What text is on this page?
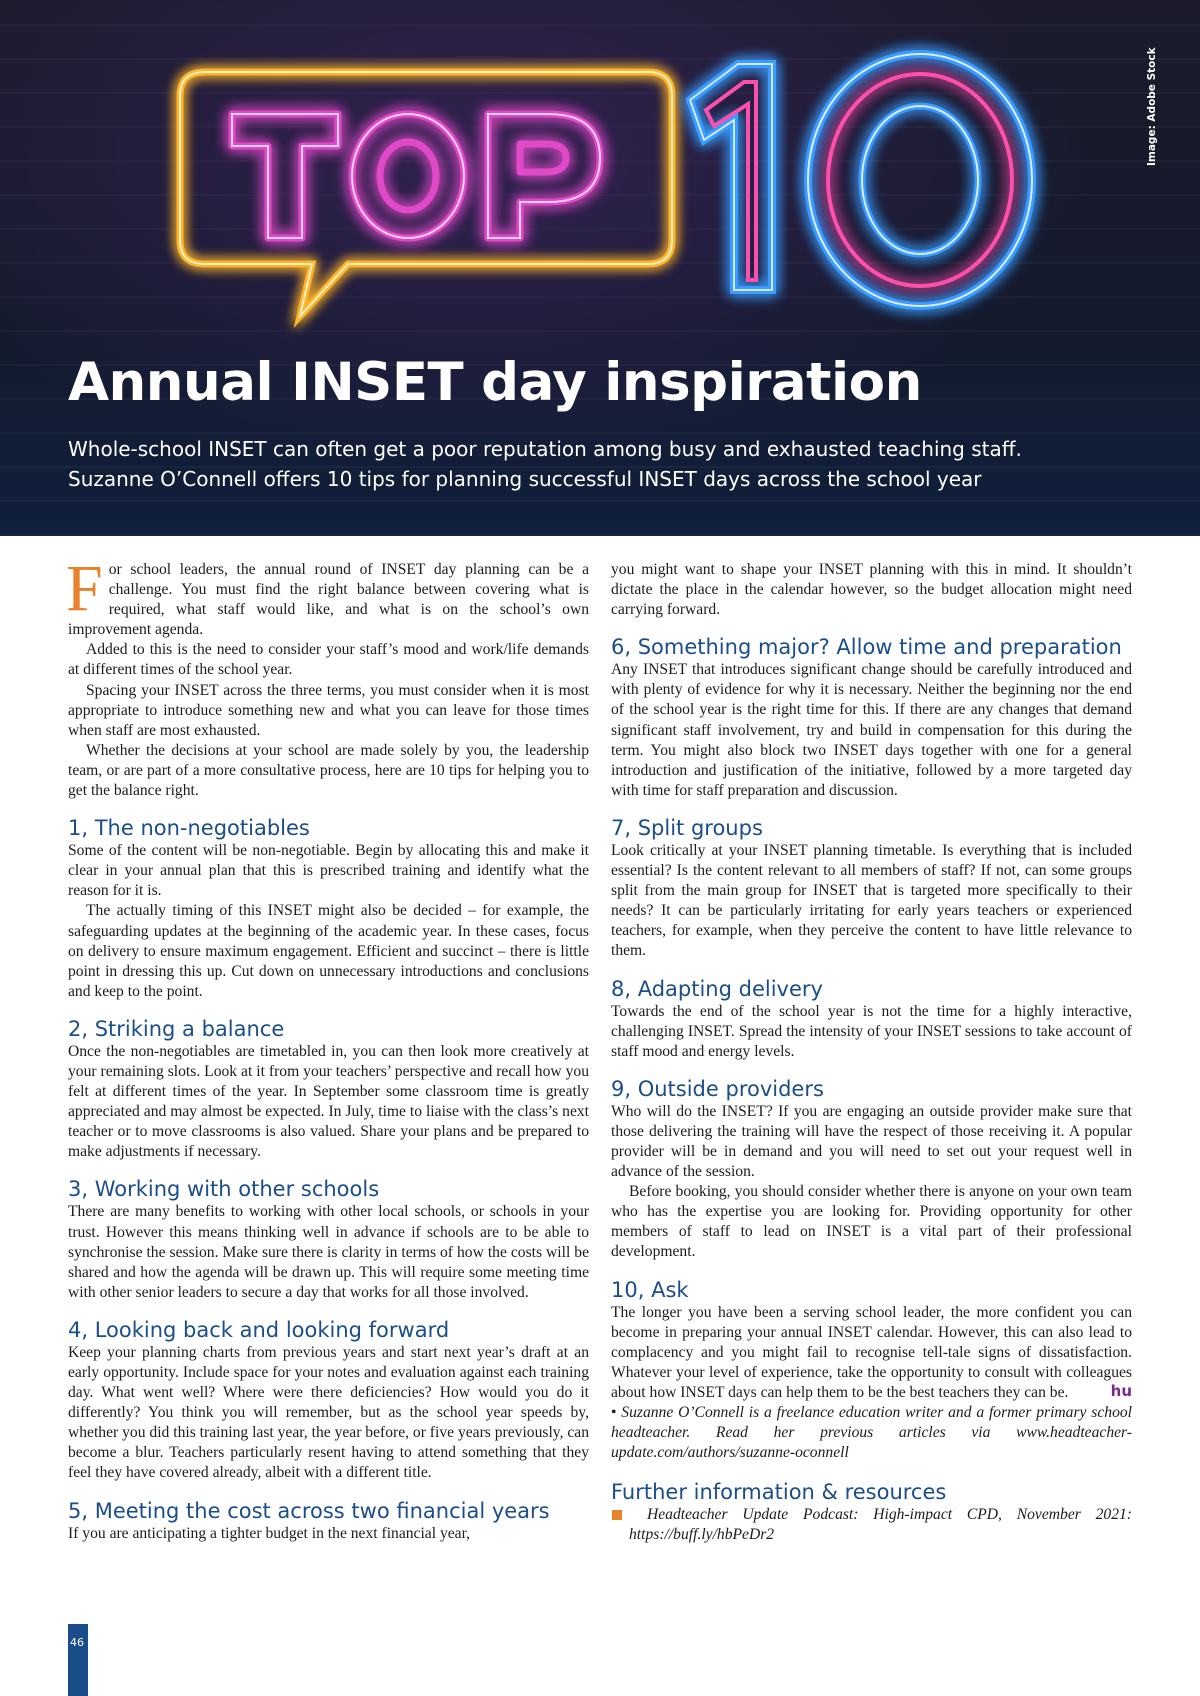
Image: Adobe Stock
Annual INSET day inspiration
Whole-school INSET can often get a poor reputation among busy and exhausted teaching staff.
Suzanne O’Connell offers 10 tips for planning successful INSET days across the school year

For school leaders, the annual round of INSET day planning can be a challenge. You must find the right balance between covering what is required, what staff would like, and what is on the school’s own improvement agenda.

Added to this is the need to consider your staff’s mood and work/life demands at different times of the school year.

Spacing your INSET across the three terms, you must consider when it is most appropriate to introduce something new and what you can leave for those times when staff are most exhausted.

Whether the decisions at your school are made solely by you, the leadership team, or are part of a more consultative process, here are 10 tips for helping you to get the balance right.

1, The non-negotiables

Some of the content will be non-negotiable. Begin by allocating this and make it clear in your annual plan that this is prescribed training and identify what the reason for it is.

The actually timing of this INSET might also be decided – for example, the safeguarding updates at the beginning of the academic year. In these cases, focus on delivery to ensure maximum engagement. Efficient and succinct – there is little point in dressing this up. Cut down on unnecessary introductions and conclusions and keep to the point.

2, Striking a balance

Once the non-negotiables are timetabled in, you can then look more creatively at your remaining slots. Look at it from your teachers’ perspective and recall how you felt at different times of the year. In September some classroom time is greatly appreciated and may almost be expected. In July, time to liaise with the class’s next teacher or to move classrooms is also valued. Share your plans and be prepared to make adjustments if necessary.

3, Working with other schools

There are many benefits to working with other local schools, or schools in your trust. However this means thinking well in advance if schools are to be able to synchronise the session. Make sure there is clarity in terms of how the costs will be shared and how the agenda will be drawn up. This will require some meeting time with other senior leaders to secure a day that works for all those involved.

4, Looking back and looking forward

Keep your planning charts from previous years and start next year’s draft at an early opportunity. Include space for your notes and evaluation against each training day. What went well? Where were there deficiencies? How would you do it differently? You think you will remember, but as the school year speeds by, whether you did this training last year, the year before, or five years previously, can become a blur. Teachers particularly resent having to attend something that they feel they have covered already, albeit with a different title.

5, Meeting the cost across two financial years

If you are anticipating a tighter budget in the next financial year,

you might want to shape your INSET planning with this in mind. It shouldn’t dictate the place in the calendar however, so the budget allocation might need carrying forward.

6, Something major? Allow time and preparation

Any INSET that introduces significant change should be carefully introduced and with plenty of evidence for why it is necessary. Neither the beginning nor the end of the school year is the right time for this. If there are any changes that demand significant staff involvement, try and build in compensation for this during the term. You might also block two INSET days together with one for a general introduction and justification of the initiative, followed by a more targeted day with time for staff preparation and discussion.

7, Split groups

Look critically at your INSET planning timetable. Is everything that is included essential? Is the content relevant to all members of staff? If not, can some groups split from the main group for INSET that is targeted more specifically to their needs? It can be particularly irritating for early years teachers or experienced teachers, for example, when they perceive the content to have little relevance to them.

8, Adapting delivery

Towards the end of the school year is not the time for a highly interactive, challenging INSET. Spread the intensity of your INSET sessions to take account of staff mood and energy levels.

9, Outside providers

Who will do the INSET? If you are engaging an outside provider make sure that those delivering the training will have the respect of those receiving it. A popular provider will be in demand and you will need to set out your request well in advance of the session.

Before booking, you should consider whether there is anyone on your own team who has the expertise you are looking for. Providing opportunity for other members of staff to lead on INSET is a vital part of their professional development.

10, Ask

The longer you have been a serving school leader, the more confident you can become in preparing your annual INSET calendar. However, this can also lead to complacency and you might fail to recognise tell-tale signs of dissatisfaction. Whatever your level of experience, take the opportunity to consult with colleagues about how INSET days can help them to be the best teachers they can be.	hu

• Suzanne O’Connell is a freelance education writer and a former primary school headteacher. Read her previous articles via www.headteacher-update.com/authors/suzanne-oconnell

Further information & resources

Headteacher Update Podcast: High-impact CPD, November 2021: https://buff.ly/hbPeDr2

46
